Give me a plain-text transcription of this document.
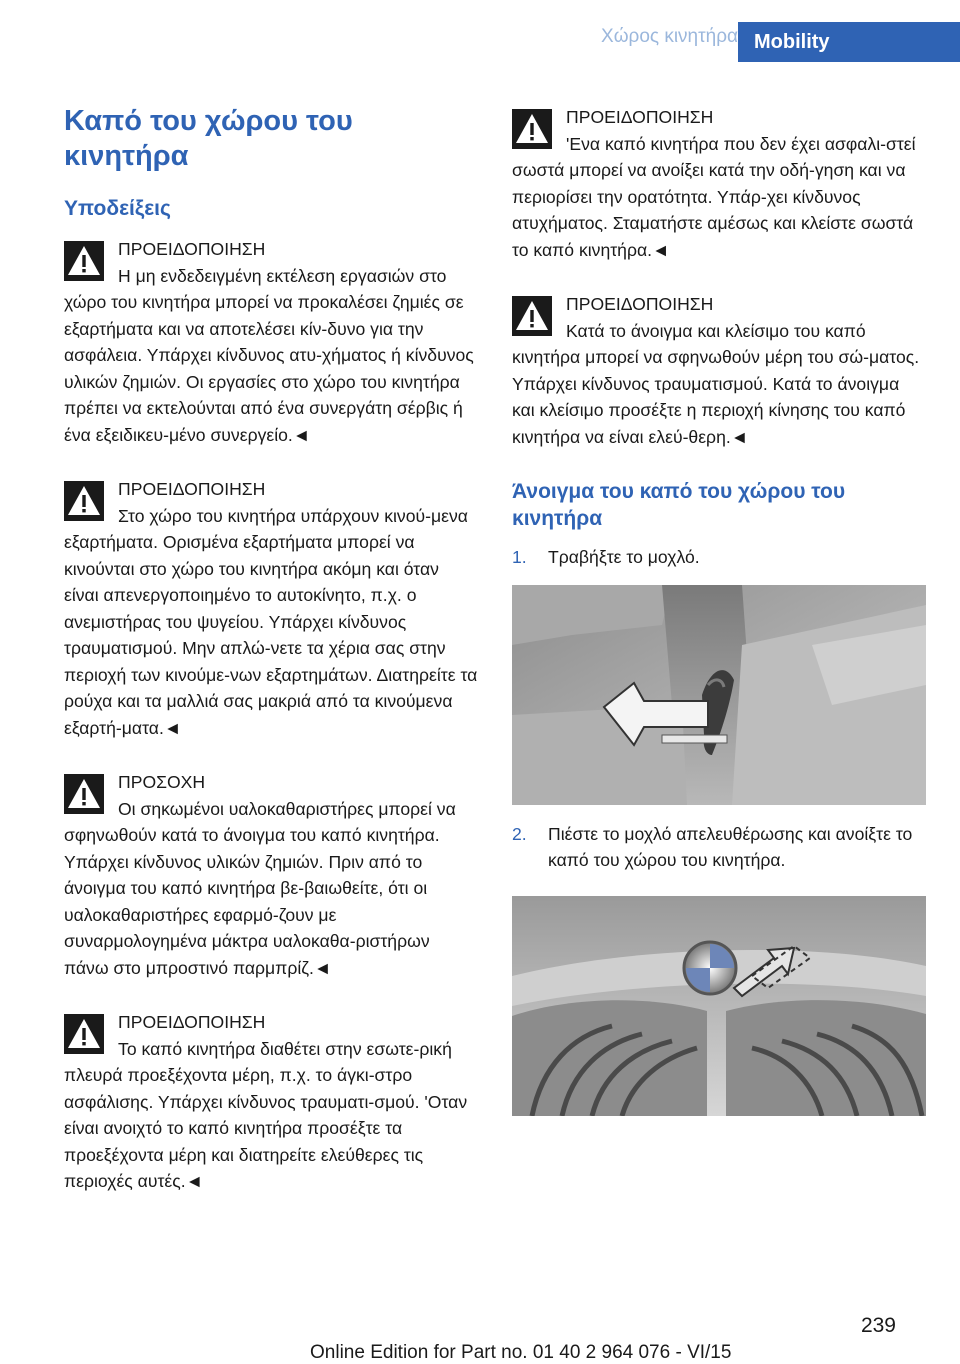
Χώρος κινητήρα Mobility
Καπό του χώρου του κινητήρα
Υποδείξεις
ΠΡΟΕΙΔΟΠΟΙΗΣΗ
Η μη ενδεδειγμένη εκτέλεση εργασιών στο χώρο του κινητήρα μπορεί να προκαλέσει ζημιές σε εξαρτήματα και να αποτελέσει κίν-δυνο για την ασφάλεια. Υπάρχει κίνδυνος ατυ-χήματος ή κίνδυνος υλικών ζημιών. Οι εργασίες στο χώρο του κινητήρα πρέπει να εκτελούνται από ένα συνεργάτη σέρβις ή ένα εξειδικευ-μένο συνεργείο.◄
ΠΡΟΕΙΔΟΠΟΙΗΣΗ
Στο χώρο του κινητήρα υπάρχουν κινού-μενα εξαρτήματα. Ορισμένα εξαρτήματα μπορεί να κινούνται στο χώρο του κινητήρα ακόμη και όταν είναι απενεργοποιημένο το αυτοκίνητο, π.χ. ο ανεμιστήρας του ψυγείου. Υπάρχει κίνδυνος τραυματισμού. Μην απλώ-νετε τα χέρια σας στην περιοχή των κινούμε-νων εξαρτημάτων. Διατηρείτε τα ρούχα και τα μαλλιά σας μακριά από τα κινούμενα εξαρτή-ματα.◄
ΠΡΟΣΟΧΗ
Οι σηκωμένοι υαλοκαθαριστήρες μπορεί να σφηνωθούν κατά το άνοιγμα του καπό κινητήρα. Υπάρχει κίνδυνος υλικών ζημιών. Πριν από το άνοιγμα του καπό κινητήρα βε-βαιωθείτε, ότι οι υαλοκαθαριστήρες εφαρμό-ζουν με συναρμολογημένα μάκτρα υαλοκαθα-ριστήρων πάνω στο μπροστινό παρμπρίζ.◄
ΠΡΟΕΙΔΟΠΟΙΗΣΗ
Το καπό κινητήρα διαθέτει στην εσωτε-ρική πλευρά προεξέχοντα μέρη, π.χ. το άγκι-στρο ασφάλισης. Υπάρχει κίνδυνος τραυματι-σμού. 'Οταν είναι ανοιχτό το καπό κινητήρα προσέξτε τα προεξέχοντα μέρη και διατηρείτε ελεύθερες τις περιοχές αυτές.◄
ΠΡΟΕΙΔΟΠΟΙΗΣΗ
'Ενα καπό κινητήρα που δεν έχει ασφαλι-στεί σωστά μπορεί να ανοίξει κατά την οδή-γηση και να περιορίσει την ορατότητα. Υπάρ-χει κίνδυνος ατυχήματος. Σταματήστε αμέσως και κλείστε σωστά το καπό κινητήρα.◄
ΠΡΟΕΙΔΟΠΟΙΗΣΗ
Κατά το άνοιγμα και κλείσιμο του καπό κινητήρα μπορεί να σφηνωθούν μέρη του σώ-ματος. Υπάρχει κίνδυνος τραυματισμού. Κατά το άνοιγμα και κλείσιμο προσέξτε η περιοχή κίνησης του καπό κινητήρα να είναι ελεύ-θερη.◄
Άνοιγμα του καπό του χώρου του κινητήρα
1. Τραβήξτε το μοχλό.
2. Πιέστε το μοχλό απελευθέρωσης και ανοίξτε το καπό του χώρου του κινητήρα.
239
Online Edition for Part no. 01 40 2 964 076 - VI/15
